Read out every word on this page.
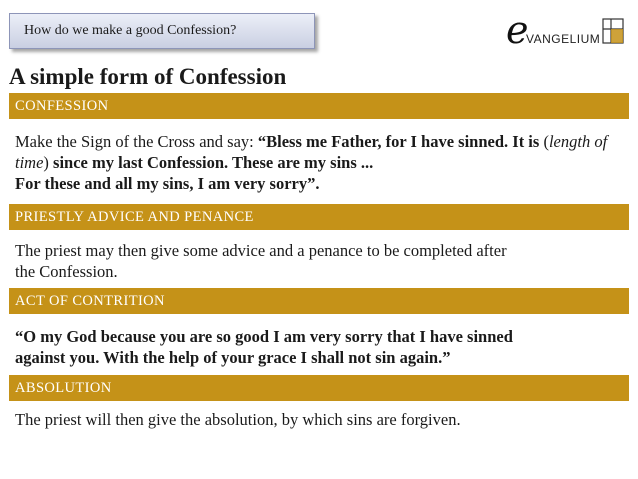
How do we make a good Confession?	e
VANGELIUM
A simple form of Confession
CONFESSION

Make the Sign of the Cross and say: “Bless me Father, for I have sinned. It is (length of time) since my last Confession. These are my sins ...
For these and all my sins, I am very sorry”.

PRIESTLY ADVICE AND PENANCE

The priest may then give some advice and a penance to be completed after
the Confession.

ACT OF CONTRITION

“O my God because you are so good I am very sorry that I have sinned
against you. With the help of your grace I shall not sin again.”

ABSOLUTION

The priest will then give the absolution, by which sins are forgiven.
